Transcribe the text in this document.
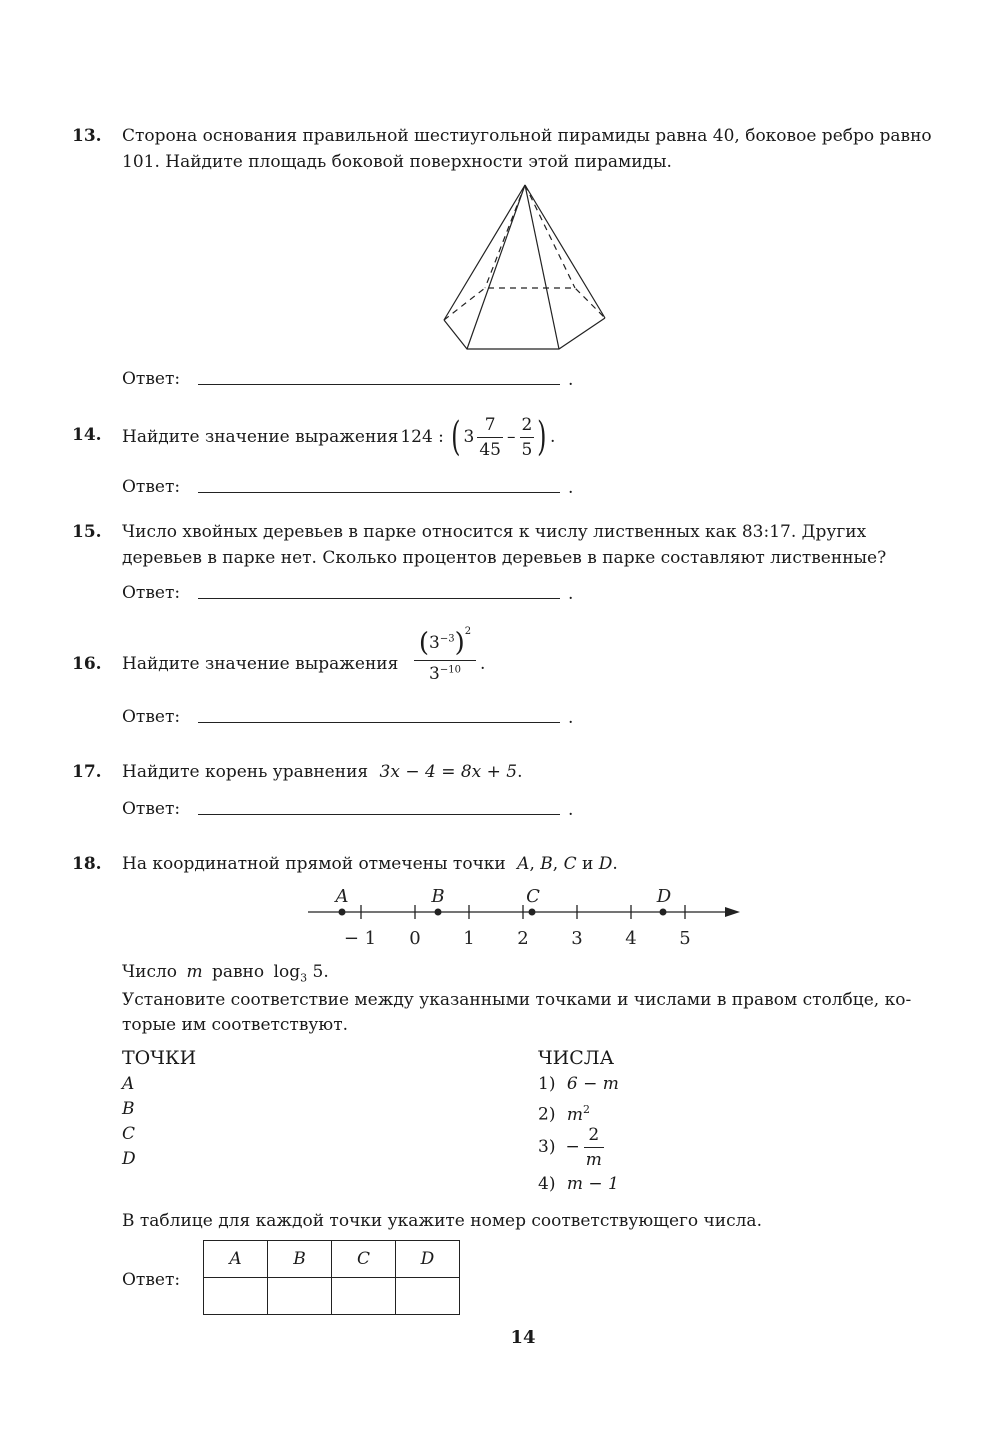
13. Сторона основания правильной шестиугольной пирамиды равна 40, боковое ребро равно
101. Найдите площадь боковой поверхности этой пирамиды.
Ответ:	.
14. Найдите значение выражения 124 : ( $3 \frac{7}{45} - \frac{2}{5}$ ) .
Ответ:	.
15. Число хвойных деревьев в парке относится к числу лиственных как 83:17. Других
деревьев в парке нет. Сколько процентов деревьев в парке составляют лиственные?
Ответ:	.
16. Найдите значение выражения $\frac{(3^{-3})^2}{3^{-10}}$ .
Ответ:	.
17. Найдите корень уравнения 3x − 4 = 8x + 5.
Ответ:	.
18. На координатной прямой отмечены точки A, B, C и D.
A	B	C	D
− 1 0 1 2 3 4 5
Число m равно $\log_3 5$.
Установите соответствие между указанными точками и числами в правом столбце, ко-
торые им соответствуют.
ТОЧКИ
A
B
C
D
ЧИСЛА
1) 6 − m
2) $m^2$
$3) - \frac{2}{m}$
4) m − 1
В таблице для каждой точки укажите номер соответствующего числа.
Ответ:
A	B	C	D

14
